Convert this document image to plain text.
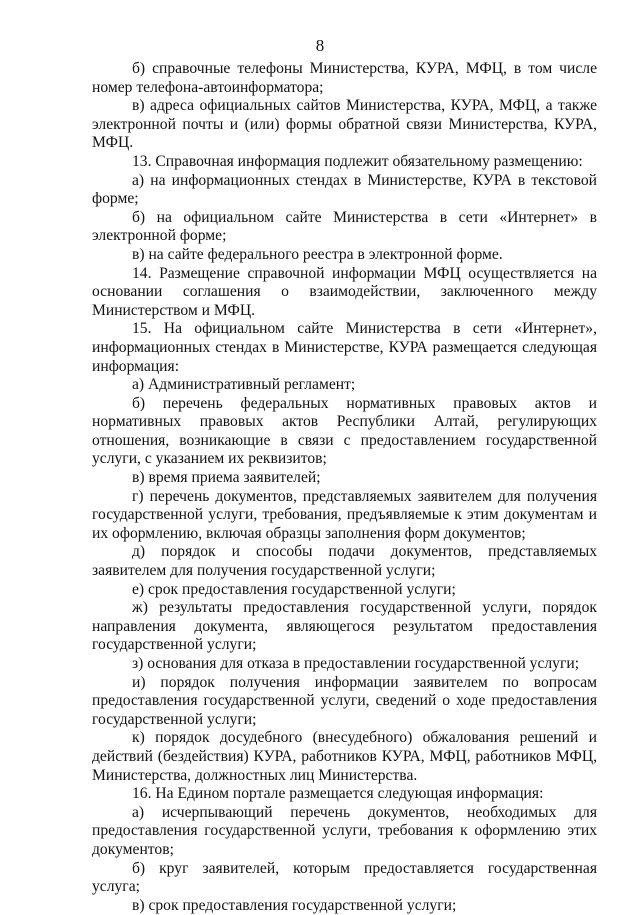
8

б) справочные телефоны Министерства, КУРА, МФЦ, в том числе номер телефона-автоинформатора;

в) адреса официальных сайтов Министерства, КУРА, МФЦ, а также электронной почты и (или) формы обратной связи Министерства, КУРА, МФЦ.

13. Справочная информация подлежит обязательному размещению:

а) на информационных стендах в Министерстве, КУРА в текстовой форме;

б) на официальном сайте Министерства в сети «Интернет» в электронной форме;

в) на сайте федерального реестра в электронной форме.

14. Размещение справочной информации МФЦ осуществляется на основании соглашения о взаимодействии, заключенного между Министерством и МФЦ.

15. На официальном сайте Министерства в сети «Интернет», информационных стендах в Министерстве, КУРА размещается следующая информация:

а) Административный регламент;

б) перечень федеральных нормативных правовых актов и нормативных правовых актов Республики Алтай, регулирующих отношения, возникающие в связи с предоставлением государственной услуги, с указанием их реквизитов;

в) время приема заявителей;

г) перечень документов, представляемых заявителем для получения государственной услуги, требования, предъявляемые к этим документам и их оформлению, включая образцы заполнения форм документов;

д) порядок и способы подачи документов, представляемых заявителем для получения государственной услуги;

е) срок предоставления государственной услуги;

ж) результаты предоставления государственной услуги, порядок направления документа, являющегося результатом предоставления государственной услуги;

з) основания для отказа в предоставлении государственной услуги;

и) порядок получения информации заявителем по вопросам предоставления государственной услуги, сведений о ходе предоставления государственной услуги;

к) порядок досудебного (внесудебного) обжалования решений и действий (бездействия) КУРА, работников КУРА, МФЦ, работников МФЦ, Министерства, должностных лиц Министерства.

16. На Едином портале размещается следующая информация:

а) исчерпывающий перечень документов, необходимых для предоставления государственной услуги, требования к оформлению этих документов;

б) круг заявителей, которым предоставляется государственная услуга;

в) срок предоставления государственной услуги;
